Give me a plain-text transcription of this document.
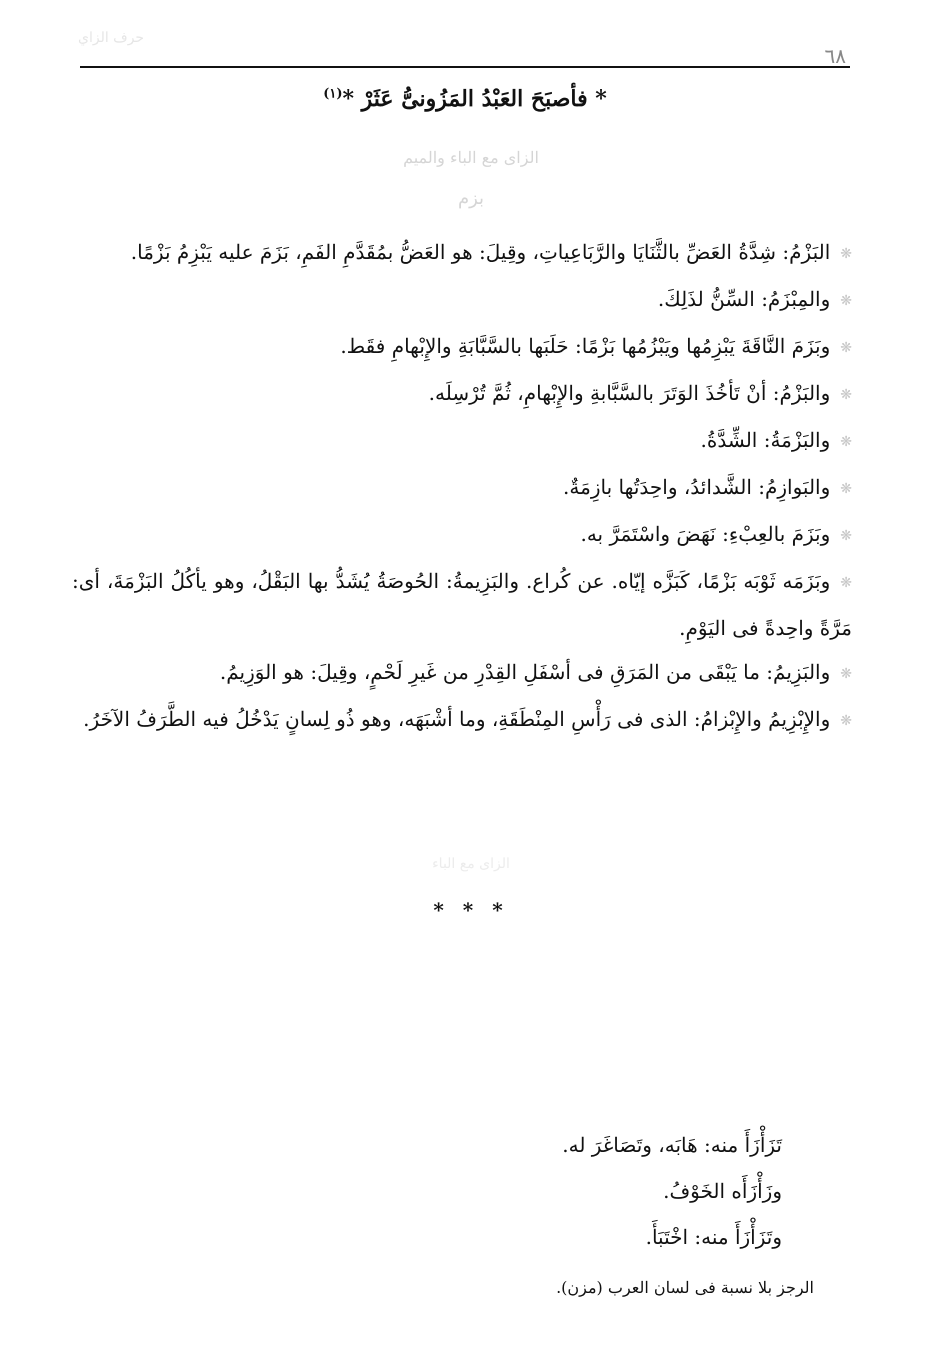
٦٨
حرف الزاي
* فأصبَحَ العَبْدُ المَزُونىُّ عَثَرْ *$^{(١)}$
الزاى مع الباء والميم
بزم

❋البَزْمُ: شِدَّةُ العَضِّ بالثَّنَايَا والرَّبَاعِياتِ، وقِيلَ: هو العَضُّ بمُقَدَّمِ الفَمِ، بَزَمَ عليه يَبْزِمُ بَزْمًا.

❋والمِبْزَمُ: السِّنُّ لذَلِكَ.

❋وبَزَمَ النَّاقَةَ يَبْزِمُها ويَبْزُمُها بَزْمًا: حَلَبَها بالسَّبَّابَةِ والإِبْهامِ فقَط.

❋والبَزْمُ: أنْ تَأخُذَ الوَتَرَ بالسَّبَّابةِ والإِبْهامِ، ثُمَّ تُرْسِلَه.

❋والبَزْمَةُ: الشِّدَّةُ.

❋والبَوازِمُ: الشَّدائدُ، واحِدَتُها بازِمَةٌ.

❋وبَزَمَ بالعِبْءِ: نَهَضَ واسْتَمَرَّ به.

❋وبَزَمَه ثَوْبَه بَزْمًا، كَبَزَّه إيّاه. عن كُراع. والبَزِيمةُ: الحُوصَةُ يُشَدُّ بها البَقْلُ، وهو يأكُلُ البَزْمَةَ، أى: مَرَّةً واحِدةً فى اليَوْمِ.

❋والبَزِيمُ: ما يَبْقَى من المَرَقِ فى أسْفَلِ القِدْرِ من غَيرِ لَحْمٍ، وقِيلَ: هو الوَزِيمُ.

❋والإِبْزِيمُ والإِبْزامُ: الذى فى رَأْسِ المِنْطَقَةِ، وما أشْبَهَه، وهو ذُو لِسانٍ يَدْخُلُ فيه الطَّرَفُ الآخَرُ.

الزاى مع الباء
* * *

تَزَأْزَأَ منه: هَابَه، وتَصَاغَرَ له.

وزَأْزَأَه الخَوْفُ.

وتَزَأْزَأَ منه: اخْتَبَأَ.

الرجز بلا نسبة فى لسان العرب (مزن).
